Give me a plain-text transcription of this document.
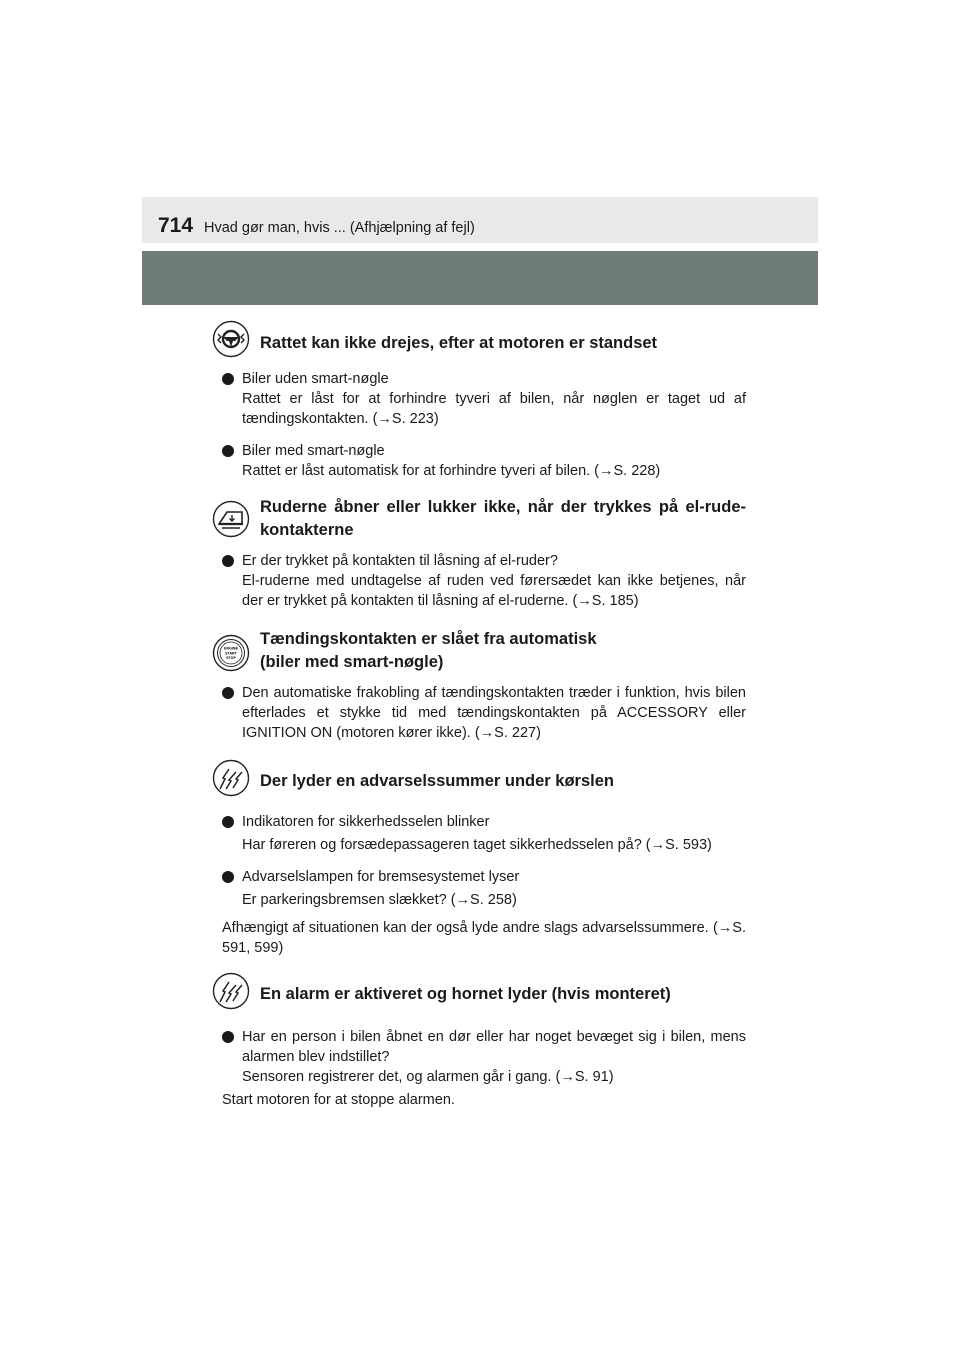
714 Hvad gør man, hvis ... (Afhjælpning af fejl)
Rattet kan ikke drejes, efter at motoren er standset

Biler uden smart-nøgle

Rattet er låst for at forhindre tyveri af bilen, når nøglen er taget ud af tændingskontakten. (→S. 223)

Biler med smart-nøgle

Rattet er låst automatisk for at forhindre tyveri af bilen. (→S. 228)

Ruderne åbner eller lukker ikke, når der trykkes på el-rude-kontakterne

Er der trykket på kontakten til låsning af el-ruder?

El-ruderne med undtagelse af ruden ved førersædet kan ikke betjenes, når der er trykket på kontakten til låsning af el-ruderne. (→S. 185)

ENGINE
START
STOP
Tændingskontakten er slået fra automatisk
(biler med smart-nøgle)

Den automatiske frakobling af tændingskontakten træder i funktion, hvis bilen efterlades et stykke tid med tændingskontakten på ACCESSORY eller IGNITION ON (motoren kører ikke). (→S. 227)

Der lyder en advarselssummer under kørslen

Indikatoren for sikkerhedsselen blinker

Har føreren og forsædepassageren taget sikkerhedsselen på? (→S. 593)

Advarselslampen for bremsesystemet lyser

Er parkeringsbremsen slækket? (→S. 258)

Afhængigt af situationen kan der også lyde andre slags advarselssummere. (→S. 591, 599)

En alarm er aktiveret og hornet lyder (hvis monteret)

Har en person i bilen åbnet en dør eller har noget bevæget sig i bilen, mens alarmen blev indstillet?

Sensoren registrerer det, og alarmen går i gang. (→S. 91)

Start motoren for at stoppe alarmen.
